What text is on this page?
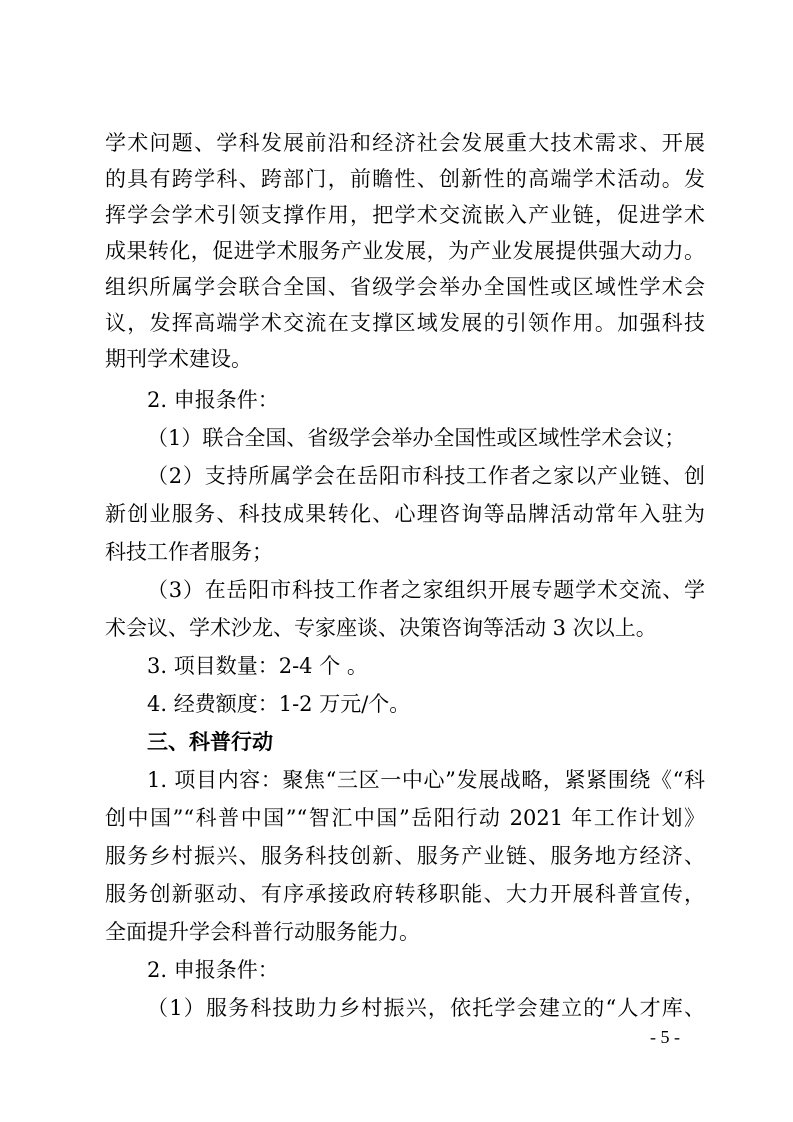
学术问题、学科发展前沿和经济社会发展重大技术需求、开展
的具有跨学科、跨部门，前瞻性、创新性的高端学术活动。发
挥学会学术引领支撑作用，把学术交流嵌入产业链，促进学术
成果转化，促进学术服务产业发展，为产业发展提供强大动力。
组织所属学会联合全国、省级学会举办全国性或区域性学术会
议，发挥高端学术交流在支撑区域发展的引领作用。加强科技
期刊学术建设。
2. 申报条件：
（1）联合全国、省级学会举办全国性或区域性学术会议；
（2）支持所属学会在岳阳市科技工作者之家以产业链、创
新创业服务、科技成果转化、心理咨询等品牌活动常年入驻为
科技工作者服务；
（3）在岳阳市科技工作者之家组织开展专题学术交流、学
术会议、学术沙龙、专家座谈、决策咨询等活动 3 次以上。
3. 项目数量：2-4 个 。
4. 经费额度：1-2 万元/个。
三、科普行动
1. 项目内容：聚焦“三区一中心”发展战略，紧紧围绕《“科
创中国”“科普中国”“智汇中国”岳阳行动 2021 年工作计划》
服务乡村振兴、服务科技创新、服务产业链、服务地方经济、
服务创新驱动、有序承接政府转移职能、大力开展科普宣传，
全面提升学会科普行动服务能力。
2. 申报条件：
（1）服务科技助力乡村振兴，依托学会建立的“人才库、
- 5 -
